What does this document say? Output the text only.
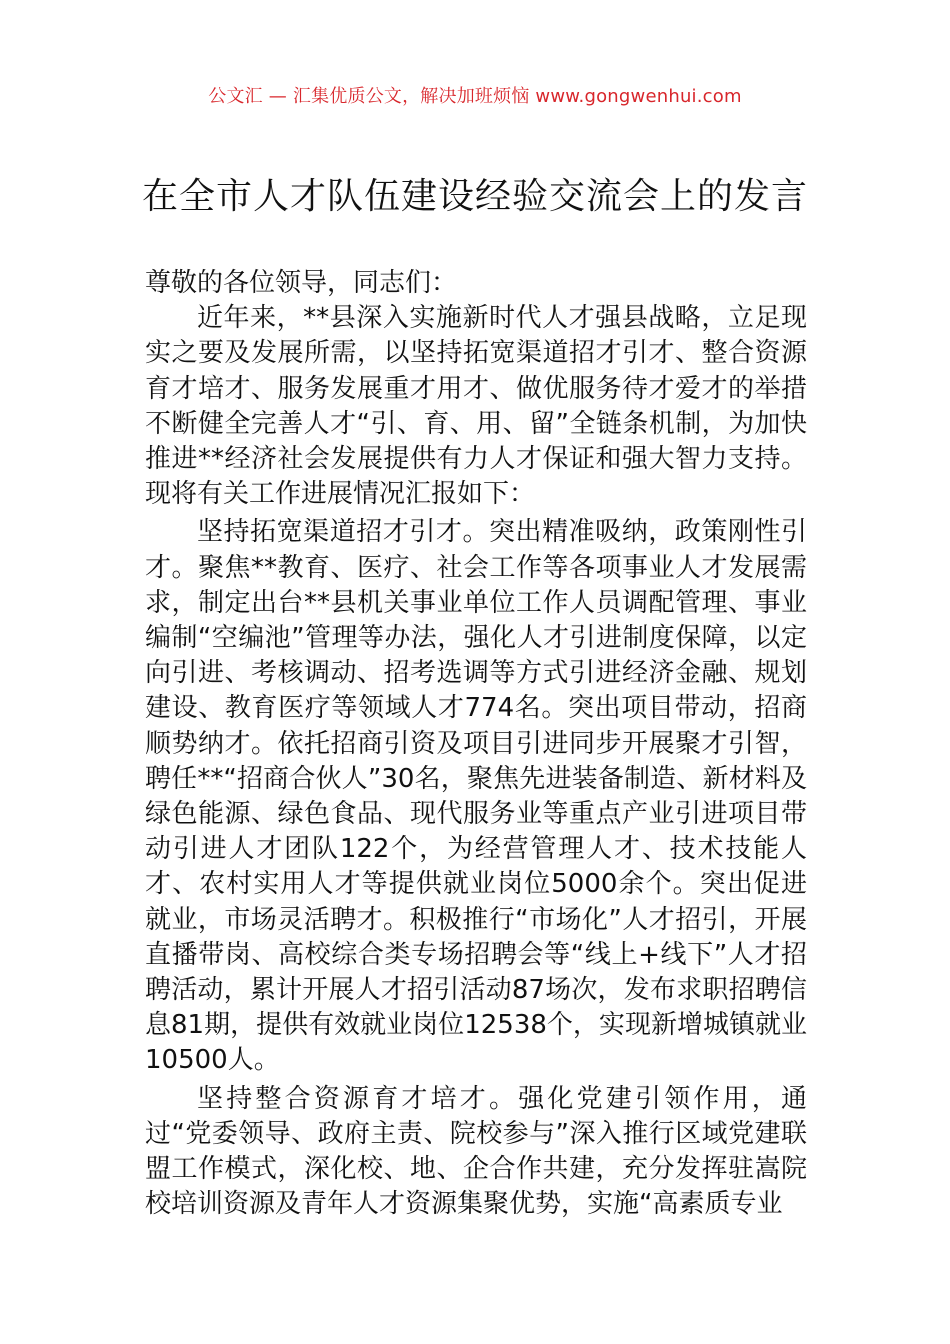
公文汇 — 汇集优质公文，解决加班烦恼 www.gongwenhui.com
在全市人才队伍建设经验交流会上的发言

尊敬的各位领导，同志们：

近年来，**县深入实施新时代人才强县战略，立足现实之要及发展所需，以坚持拓宽渠道招才引才、整合资源育才培才、服务发展重才用才、做优服务待才爱才的举措不断健全完善人才“引、育、用、留”全链条机制，为加快推进**经济社会发展提供有力人才保证和强大智力支持。现将有关工作进展情况汇报如下：

坚持拓宽渠道招才引才。突出精准吸纳，政策刚性引才。聚焦**教育、医疗、社会工作等各项事业人才发展需求，制定出台**县机关事业单位工作人员调配管理、事业编制“空编池”管理等办法，强化人才引进制度保障，以定向引进、考核调动、招考选调等方式引进经济金融、规划建设、教育医疗等领域人才774名。突出项目带动，招商顺势纳才。依托招商引资及项目引进同步开展聚才引智，聘任**“招商合伙人”30名，聚焦先进装备制造、新材料及绿色能源、绿色食品、现代服务业等重点产业引进项目带动引进人才团队122个，为经营管理人才、技术技能人才、农村实用人才等提供就业岗位5000余个。突出促进就业，市场灵活聘才。积极推行“市场化”人才招引，开展直播带岗、高校综合类专场招聘会等“线上+线下”人才招聘活动，累计开展人才招引活动87场次，发布求职招聘信息81期，提供有效就业岗位12538个，实现新增城镇就业10500人。

坚持整合资源育才培才。强化党建引领作用，通过“党委领导、政府主责、院校参与”深入推行区域党建联盟工作模式，深化校、地、企合作共建，充分发挥驻嵩院校培训资源及青年人才资源集聚优势，实施“高素质专业
